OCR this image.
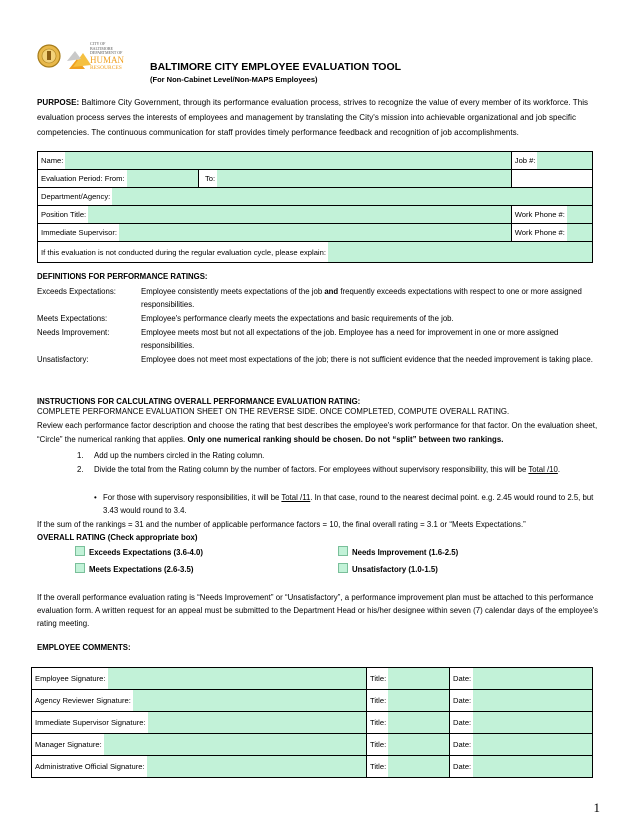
CITY OF BALTIMORE
DEPARTMENT OF
HUMAN
RESOURCES	BALTIMORE CITY EMPLOYEE EVALUATION TOOL
(For Non-Cabinet Level/Non-MAPS Employees)
PURPOSE: Baltimore City Government, through its performance evaluation process, strives to recognize the value of every member of its workforce. This evaluation process serves the interests of employees and management by translating the City's mission into achievable organizational and job specific competencies. The continuous communication for staff provides timely performance feedback and recognition of job accomplishments.
Name:		Job #:

Evaluation Period: From:	To:	

Department/Agency:		

Position Title:		Work Phone #:

Immediate Supervisor:		Work Phone #:

If this evaluation is not conducted during the regular evaluation cycle, please explain:		
DEFINITIONS FOR PERFORMANCE RATINGS:
Exceeds Expectations:	Employee consistently meets expectations of the job and frequently exceeds expectations with respect to one or more assigned responsibilities.
Meets Expectations:	Employee's performance clearly meets the expectations and basic requirements of the job.
Needs Improvement:	Employee meets most but not all expectations of the job. Employee has a need for improvement in one or more assigned responsibilities.
Unsatisfactory:	Employee does not meet most expectations of the job; there is not sufficient evidence that the needed improvement is taking place.
INSTRUCTIONS FOR CALCULATING OVERALL PERFORMANCE EVALUATION RATING:
COMPLETE PERFORMANCE EVALUATION SHEET ON THE REVERSE SIDE. ONCE COMPLETED, COMPUTE OVERALL RATING.
Review each performance factor description and choose the rating that best describes the employee's work performance for that factor. On the evaluation sheet, “Circle” the numerical ranking that applies. Only one numerical ranking should be chosen. Do not “split” between two rankings.
1. Add up the numbers circled in the Rating column.
2. Divide the total from the Rating column by the number of factors. For employees without supervisory responsibility, this will be Total /10.
• For those with supervisory responsibilities, it will be Total /11. In that case, round to the nearest decimal point. e.g. 2.45 would round to 2.5, but 3.43 would round to 3.4.
If the sum of the rankings = 31 and the number of applicable performance factors = 10, the final overall rating = 3.1 or “Meets Expectations.”
OVERALL RATING (Check appropriate box)
Exceeds Expectations (3.6-4.0)	Needs Improvement (1.6-2.5)
Meets Expectations (2.6-3.5)	Unsatisfactory (1.0-1.5)
If the overall performance evaluation rating is “Needs Improvement” or “Unsatisfactory”, a performance improvement plan must be attached to this performance evaluation form. A written request for an appeal must be submitted to the Department Head or his/her designee within seven (7) calendar days of the employee's rating meeting.
EMPLOYEE COMMENTS:
Employee Signature:	Title:	Date:

Agency Reviewer Signature:	Title:	Date:

Immediate Supervisor Signature:	Title:	Date:

Manager Signature:	Title:	Date:

Administrative Official Signature:	Title:	Date:
1
